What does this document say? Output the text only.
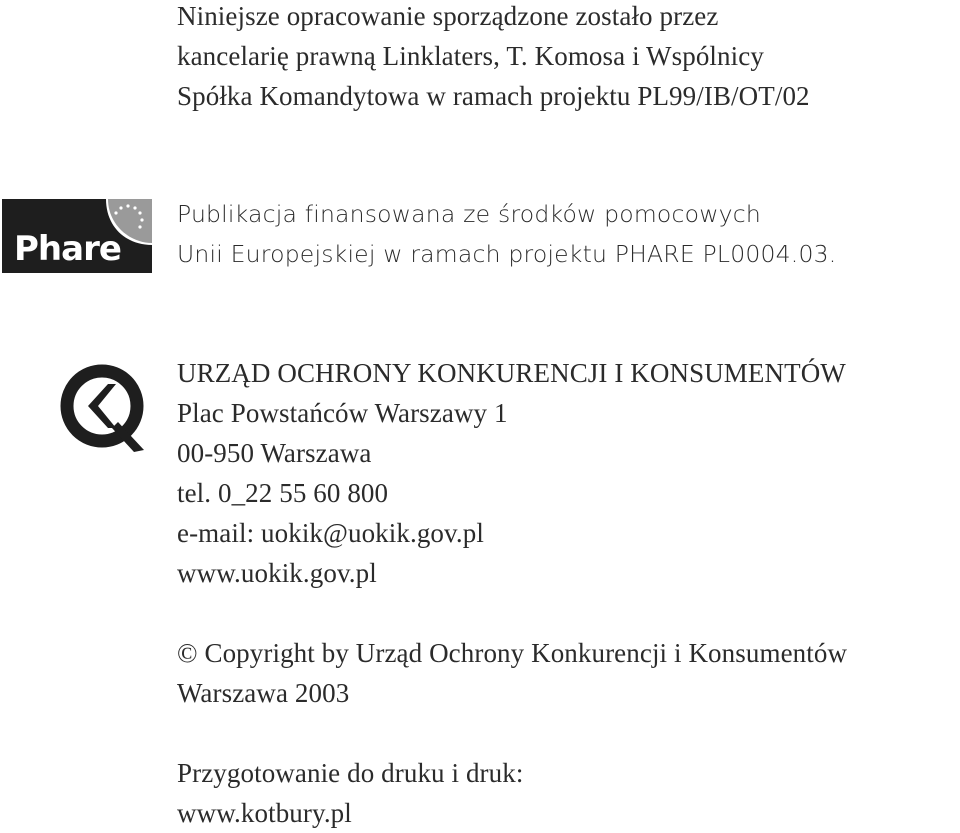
Niniejsze opracowanie sporządzone zostało przez
kancelarię prawną Linklaters, T. Komosa i Wspólnicy
Spółka Komandytowa w ramach projektu PL99/IB/OT/02
Phare
Publikacja finansowana ze środków pomocowych
Unii Europejskiej w ramach projektu PHARE PL0004.03.
URZĄD OCHRONY KONKURENCJI I KONSUMENTÓW
Plac Powstańców Warszawy 1
00-950 Warszawa
tel. 0_22 55 60 800
e-mail: uokik@uokik.gov.pl
www.uokik.gov.pl
© Copyright by Urząd Ochrony Konkurencji i Konsumentów
Warszawa 2003
Przygotowanie do druku i druk:
www.kotbury.pl
